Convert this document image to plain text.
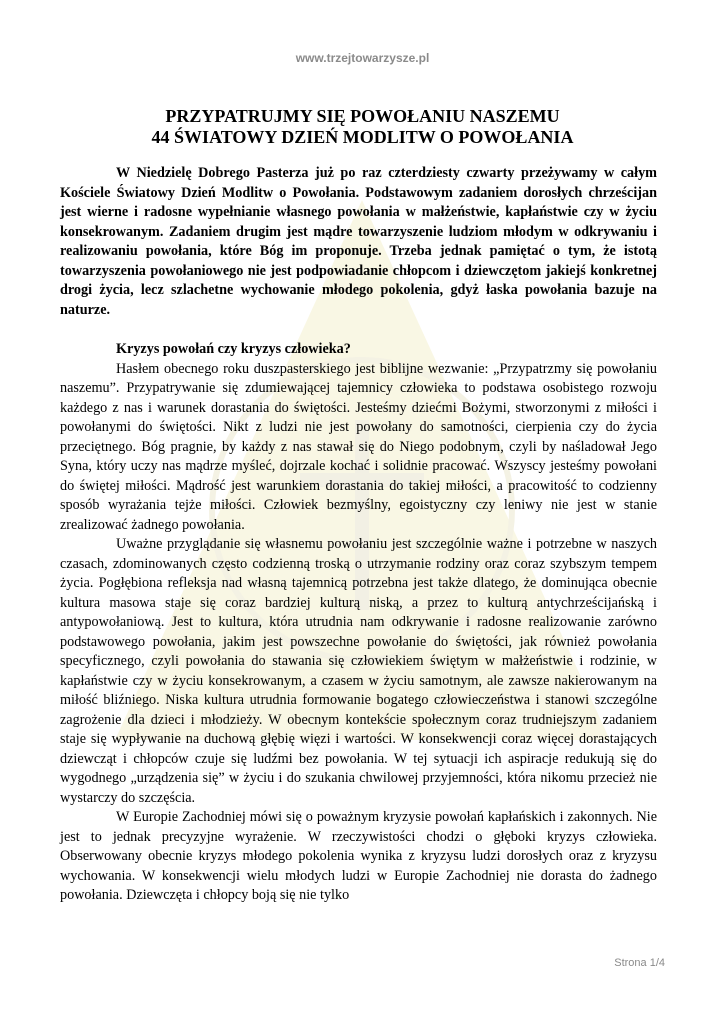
www.trzejtowarzysze.pl
PRZYPATRUJMY SIĘ POWOŁANIU NASZEMU
44 ŚWIATOWY DZIEŃ MODLITW O POWOŁANIA

W Niedzielę Dobrego Pasterza już po raz czterdziesty czwarty przeżywamy w całym Kościele Światowy Dzień Modlitw o Powołania. Podstawowym zadaniem dorosłych chrześcijan jest wierne i radosne wypełnianie własnego powołania w małżeństwie, kapłaństwie czy w życiu konsekrowanym. Zadaniem drugim jest mądre towarzyszenie ludziom młodym w odkrywaniu i realizowaniu powołania, które Bóg im proponuje. Trzeba jednak pamiętać o tym, że istotą towarzyszenia powołaniowego nie jest podpowiadanie chłopcom i dziewczętom jakiejś konkretnej drogi życia, lecz szlachetne wychowanie młodego pokolenia, gdyż łaska powołania bazuje na naturze.

Kryzys powołań czy kryzys człowieka?

Hasłem obecnego roku duszpasterskiego jest biblijne wezwanie: „Przypatrzmy się powołaniu naszemu”. Przypatrywanie się zdumiewającej tajemnicy człowieka to podstawa osobistego rozwoju każdego z nas i warunek dorastania do świętości. Jesteśmy dziećmi Bożymi, stworzonymi z miłości i powołanymi do świętości. Nikt z ludzi nie jest powołany do samotności, cierpienia czy do życia przeciętnego. Bóg pragnie, by każdy z nas stawał się do Niego podobnym, czyli by naśladował Jego Syna, który uczy nas mądrze myśleć, dojrzale kochać i solidnie pracować. Wszyscy jesteśmy powołani do świętej miłości. Mądrość jest warunkiem dorastania do takiej miłości, a pracowitość to codzienny sposób wyrażania tejże miłości. Człowiek bezmyślny, egoistyczny czy leniwy nie jest w stanie zrealizować żadnego powołania.

Uważne przyglądanie się własnemu powołaniu jest szczególnie ważne i potrzebne w naszych czasach, zdominowanych często codzienną troską o utrzymanie rodziny oraz coraz szybszym tempem życia. Pogłębiona refleksja nad własną tajemnicą potrzebna jest także dlatego, że dominująca obecnie kultura masowa staje się coraz bardziej kulturą niską, a przez to kulturą antychrześcijańską i antypowołaniową. Jest to kultura, która utrudnia nam odkrywanie i radosne realizowanie zarówno podstawowego powołania, jakim jest powszechne powołanie do świętości, jak również powołania specyficznego, czyli powołania do stawania się człowiekiem świętym w małżeństwie i rodzinie, w kapłaństwie czy w życiu konsekrowanym, a czasem w życiu samotnym, ale zawsze nakierowanym na miłość bliźniego. Niska kultura utrudnia formowanie bogatego człowieczeństwa i stanowi szczególne zagrożenie dla dzieci i młodzieży. W obecnym kontekście społecznym coraz trudniejszym zadaniem staje się wypływanie na duchową głębię więzi i wartości. W konsekwencji coraz więcej dorastających dziewcząt i chłopców czuje się ludźmi bez powołania. W tej sytuacji ich aspiracje redukują się do wygodnego „urządzenia się” w życiu i do szukania chwilowej przyjemności, która nikomu przecież nie wystarczy do szczęścia.

W Europie Zachodniej mówi się o poważnym kryzysie powołań kapłańskich i zakonnych. Nie jest to jednak precyzyjne wyrażenie. W rzeczywistości chodzi o głęboki kryzys człowieka. Obserwowany obecnie kryzys młodego pokolenia wynika z kryzysu ludzi dorosłych oraz z kryzysu wychowania. W konsekwencji wielu młodych ludzi w Europie Zachodniej nie dorasta do żadnego powołania. Dziewczęta i chłopcy boją się nie tylko

Strona 1/4
